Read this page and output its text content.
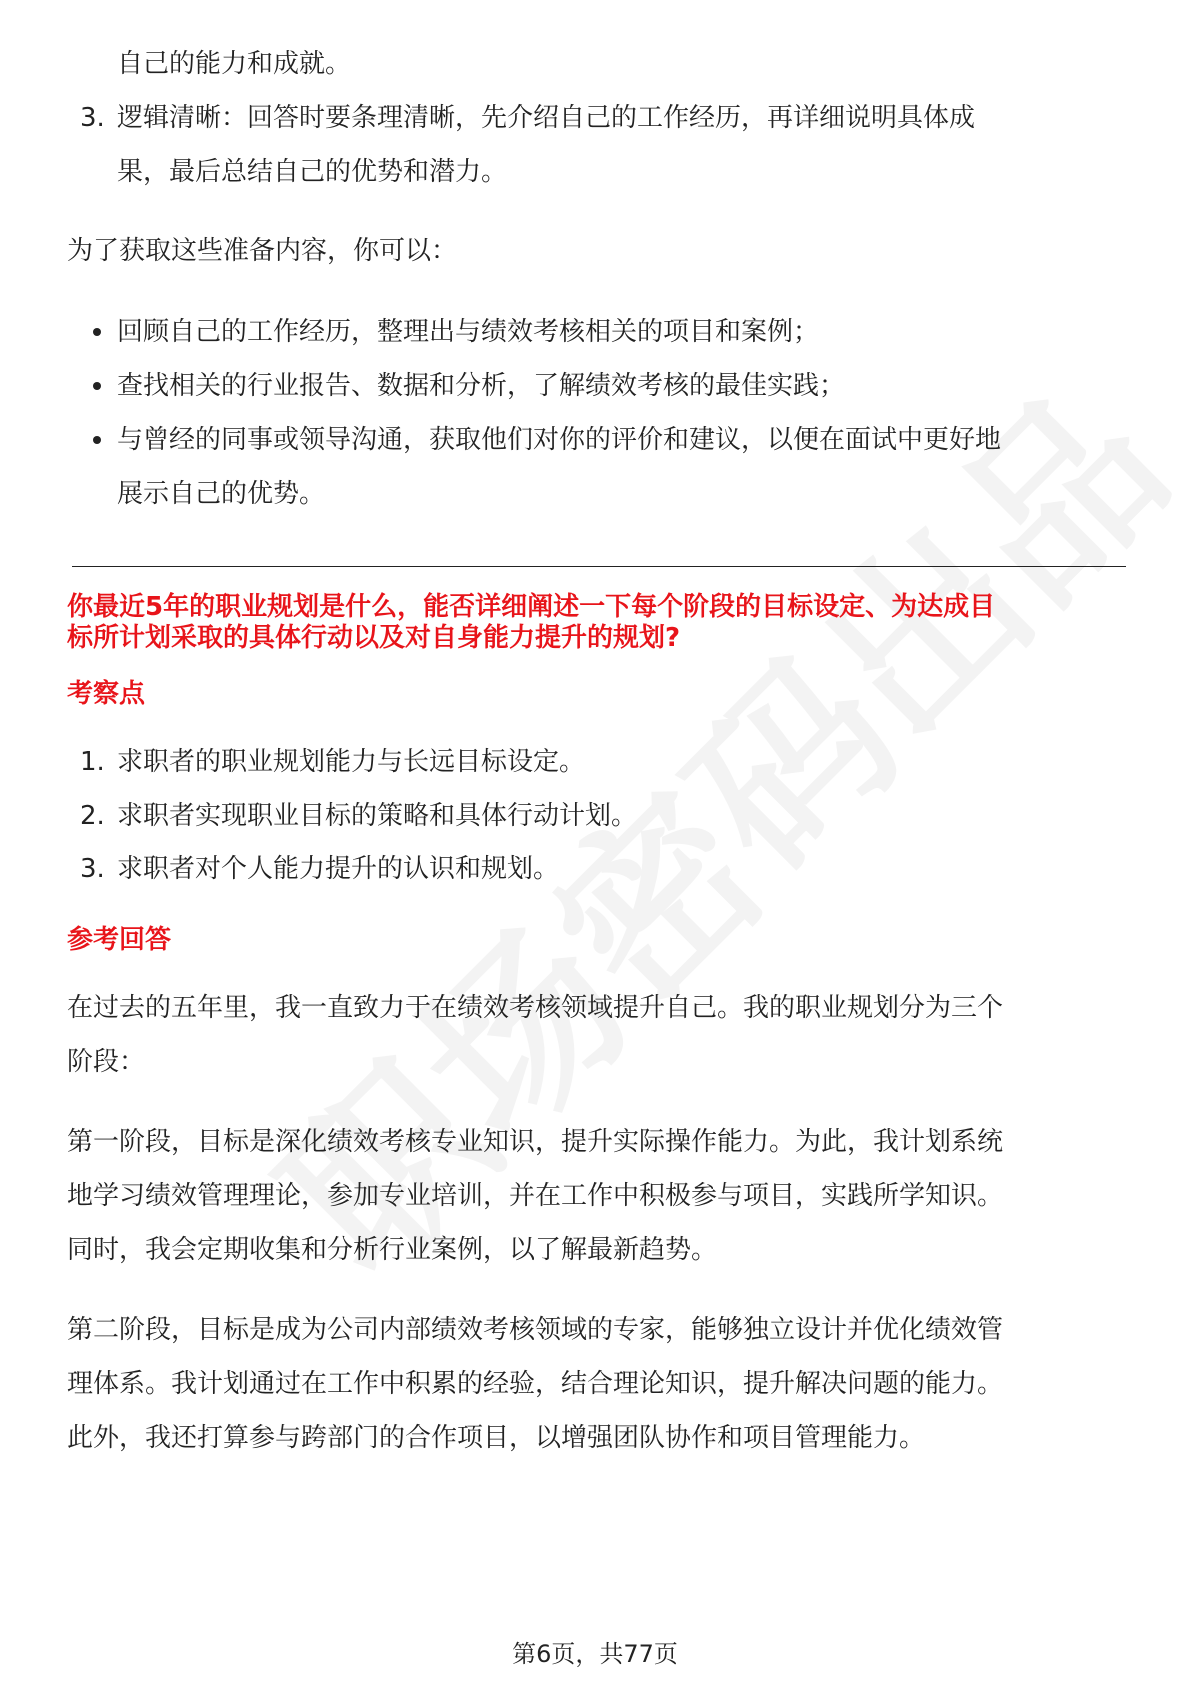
自己的能力和成就。
3. 逻辑清晰：回答时要条理清晰，先介绍自己的工作经历，再详细说明具体成
果，最后总结自己的优势和潜力。
为了获取这些准备内容，你可以：
回顾自己的工作经历，整理出与绩效考核相关的项目和案例；
查找相关的行业报告、数据和分析，了解绩效考核的最佳实践；
与曾经的同事或领导沟通，获取他们对你的评价和建议，以便在面试中更好地
展示自己的优势。
你最近5年的职业规划是什么，能否详细阐述一下每个阶段的目标设定、为达成目
标所计划采取的具体行动以及对自身能力提升的规划?
考察点
1. 求职者的职业规划能力与长远目标设定。
2. 求职者实现职业目标的策略和具体行动计划。
3. 求职者对个人能力提升的认识和规划。
参考回答
在过去的五年里，我一直致力于在绩效考核领域提升自己。我的职业规划分为三个
阶段：
第一阶段，目标是深化绩效考核专业知识，提升实际操作能力。为此，我计划系统
地学习绩效管理理论，参加专业培训，并在工作中积极参与项目，实践所学知识。
同时，我会定期收集和分析行业案例，以了解最新趋势。
第二阶段，目标是成为公司内部绩效考核领域的专家，能够独立设计并优化绩效管
理体系。我计划通过在工作中积累的经验，结合理论知识，提升解决问题的能力。
此外，我还打算参与跨部门的合作项目，以增强团队协作和项目管理能力。
第6页，共77页
